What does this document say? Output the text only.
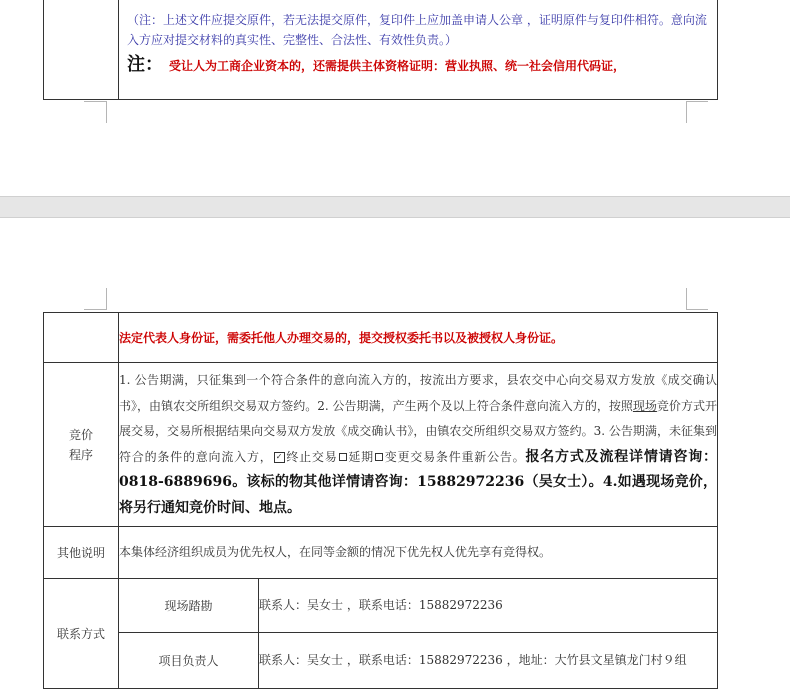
（注：上述文件应提交原件，若无法提交原件，复印件上应加盖申请人公章 ，证明原件与复印件相符。意向流入方应对提交材料的真实性、完整性、合法性、有效性负责。）
注： 受让人为工商企业资本的，还需提供主体资格证明：营业执照、统一社会信用代码证，
	法定代表人身份证，需委托他人办理交易的，提交授权委托书以及被授权人身份证。	

竞价
程序	1. 公告期满，只征集到一个符合条件的意向流入方的，按流出方要求，县农交中心向交易双方发放《成交确认书》，由镇农交所组织交易双方签约。2. 公告期满，产生两个及以上符合条件意向流入方的，按照现场竞价方式开展交易，交易所根据结果向交易双方发放《成交确认书》，由镇农交所组织交易双方签约。3. 公告期满，未征集到符合的条件的意向流入方， ✓ 终止交易 延期 变更交易条件重新公告。报名方式及流程详情请咨询：0818-6889696。该标的物其他详情请咨询：15882972236（吴女士）。4.如遇现场竞价，将另行通知竞价时间、地点。	
其他说明	本集体经济组织成员为优先权人，在同等金额的情况下优先权人优先享有竞得权。	
联系方式	现场踏勘	联系人：吴女士 ，联系电话：15882972236
	项目负责人	联系人：吴女士 ，联系电话：15882972236 ，地址：大竹县文星镇龙门村９组
